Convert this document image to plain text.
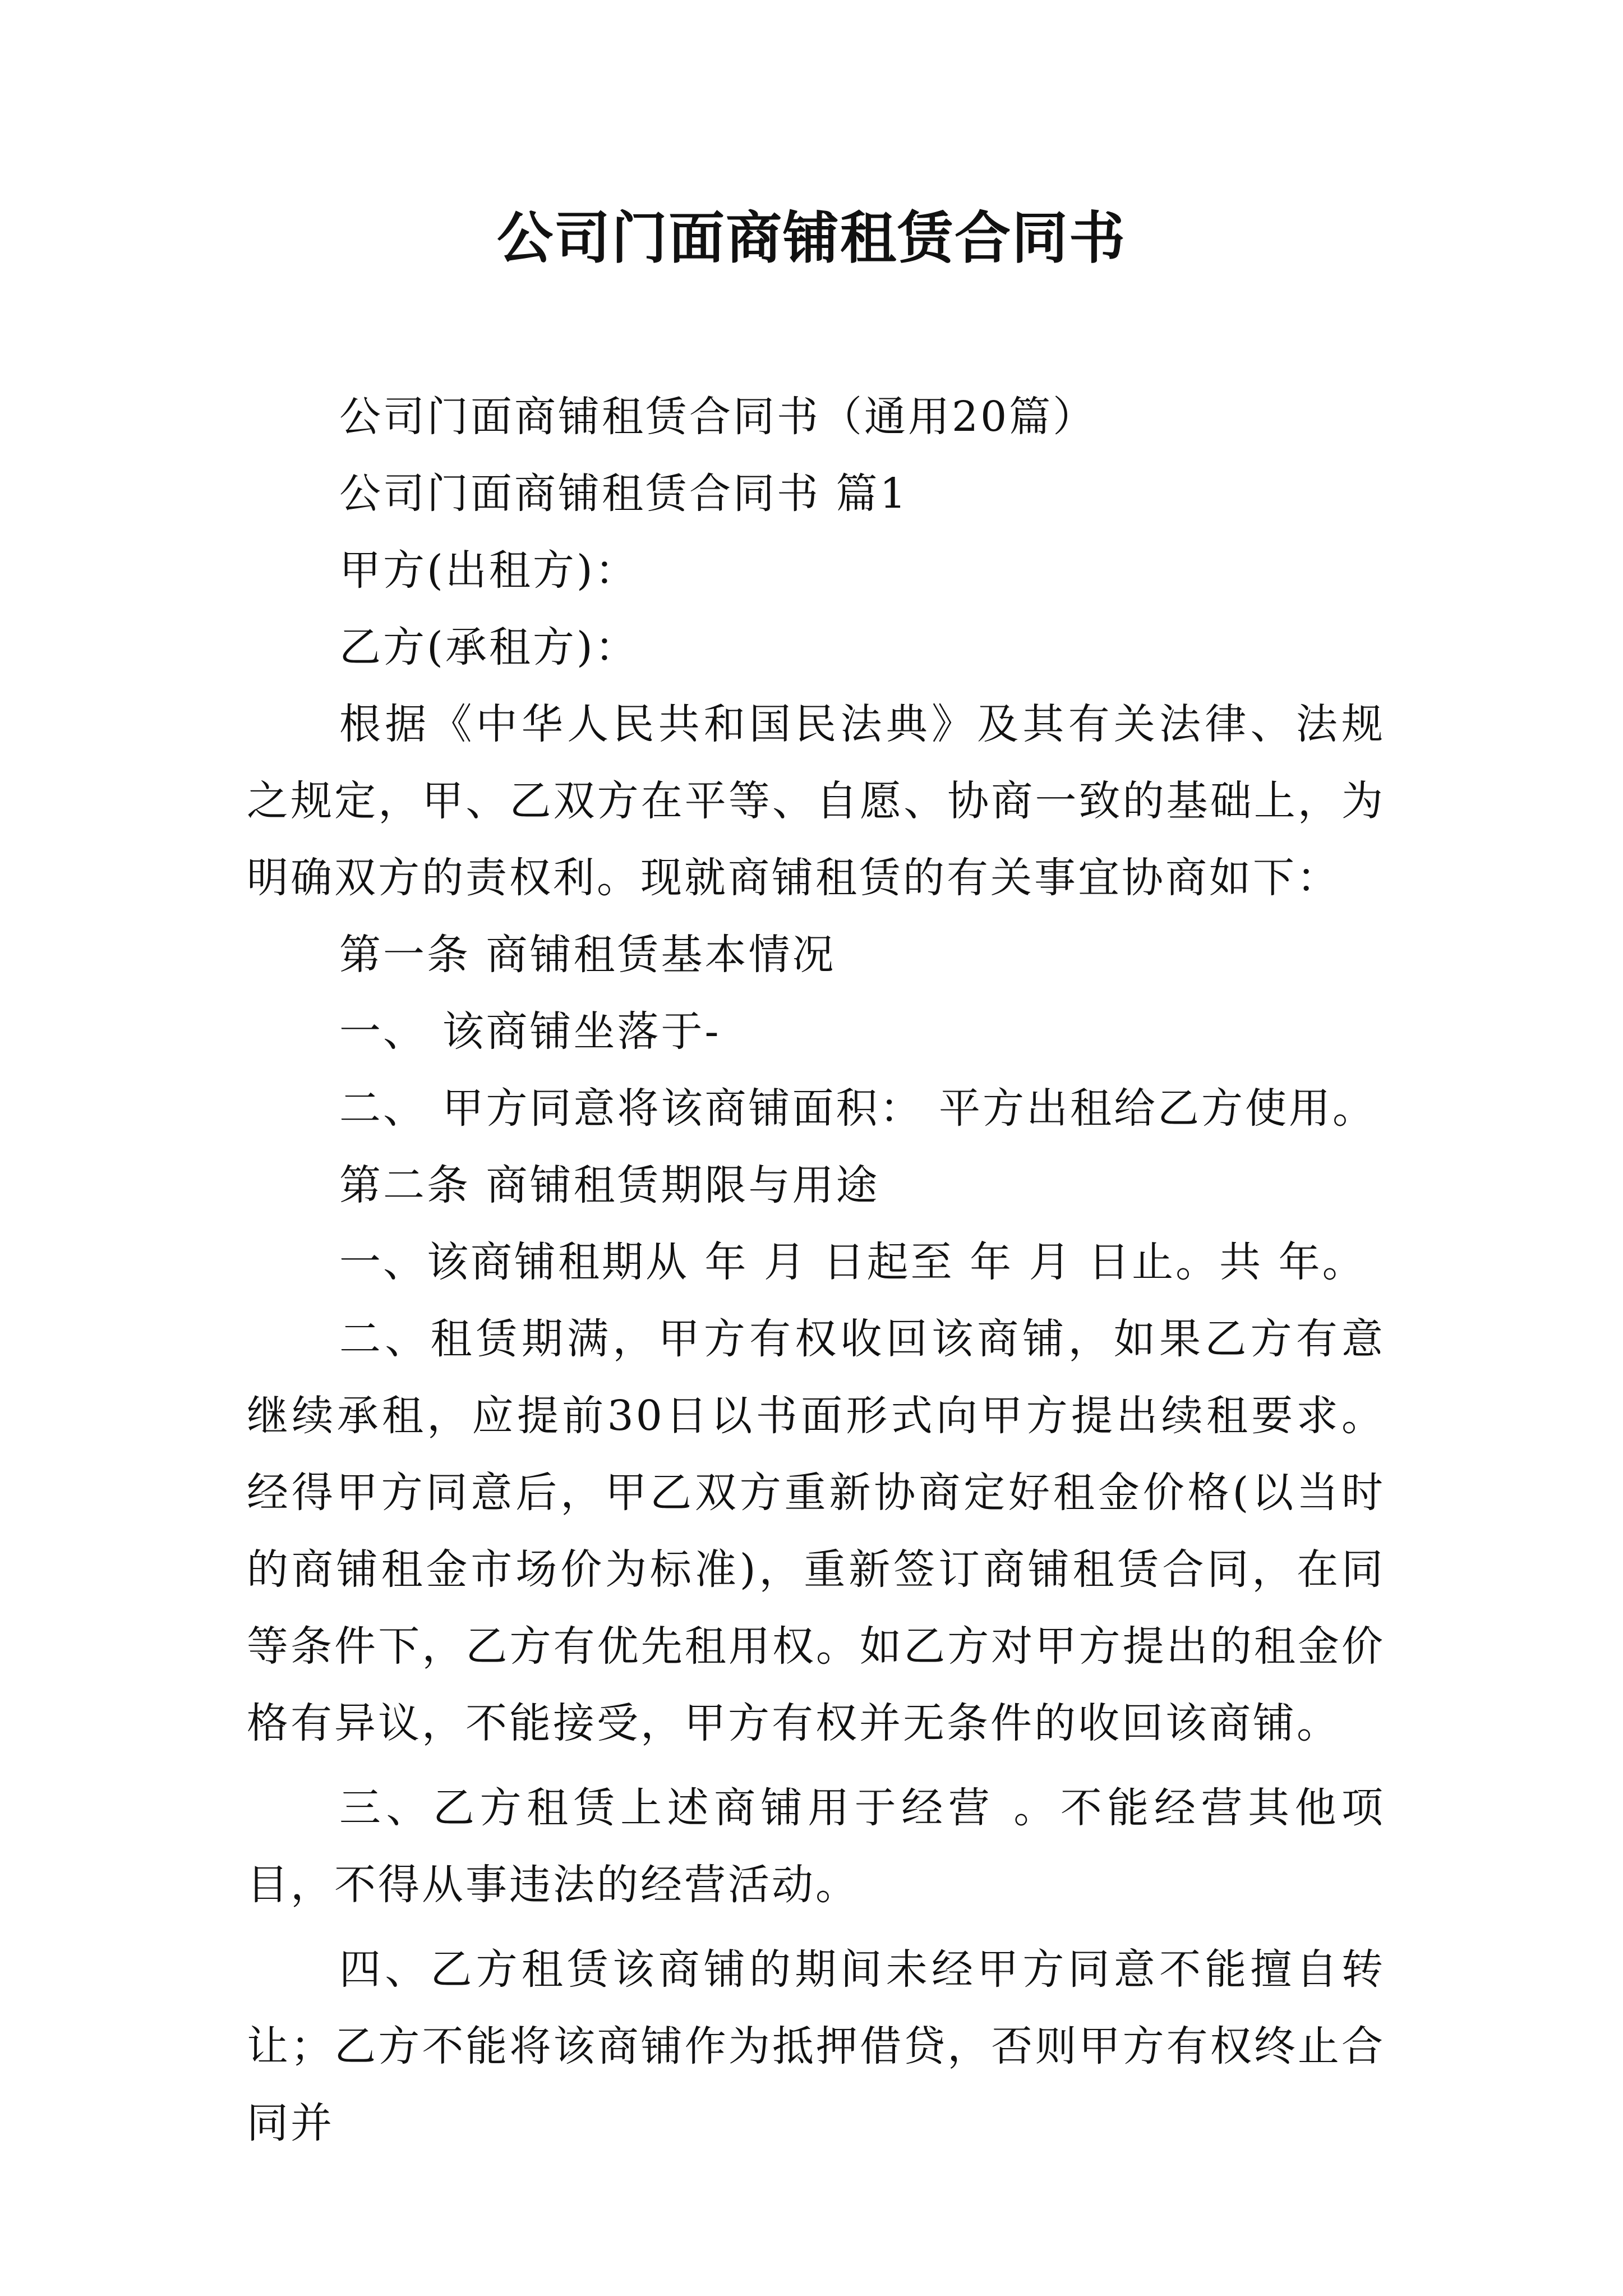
公司门面商铺租赁合同书

公司门面商铺租赁合同书（通用20篇）

公司门面商铺租赁合同书 篇1

甲方(出租方)：

乙方(承租方)：

根据《中华人民共和国民法典》及其有关法律、法规之规定，甲、乙双方在平等、自愿、协商一致的基础上，为明确双方的责权利。现就商铺租赁的有关事宜协商如下：

第一条 商铺租赁基本情况

一、 该商铺坐落于-

二、 甲方同意将该商铺面积： 平方出租给乙方使用。

第二条 商铺租赁期限与用途

一、该商铺租期从 年 月 日起至 年 月 日止。共 年。

二、租赁期满，甲方有权收回该商铺，如果乙方有意继续承租，应提前30日以书面形式向甲方提出续租要求。经得甲方同意后，甲乙双方重新协商定好租金价格(以当时的商铺租金市场价为标准)，重新签订商铺租赁合同，在同等条件下，乙方有优先租用权。如乙方对甲方提出的租金价格有异议，不能接受，甲方有权并无条件的收回该商铺。

三、乙方租赁上述商铺用于经营 。不能经营其他项目，不得从事违法的经营活动。

四、乙方租赁该商铺的期间未经甲方同意不能擅自转让；乙方不能将该商铺作为抵押借贷，否则甲方有权终止合同并
